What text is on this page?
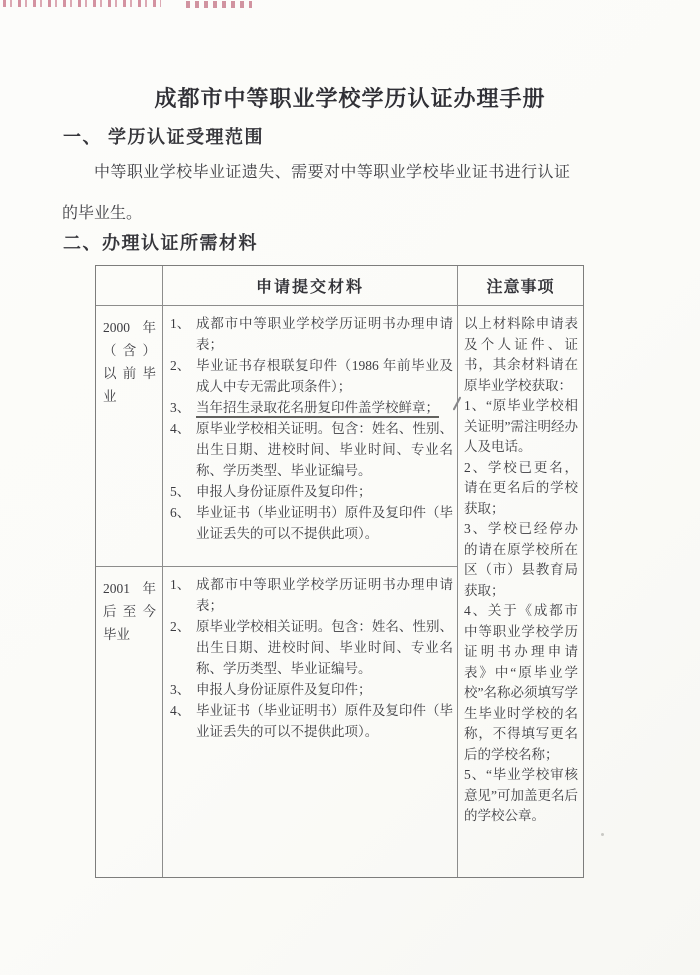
成都市中等职业学校学历认证办理手册
一、 学历认证受理范围

中等职业学校毕业证遗失、需要对中等职业学校毕业证书进行认证的毕业生。

二、办理认证所需材料
申请提交材料	注意事项
2000 年（含）以前毕业
1、 成都市中等职业学校学历证明书办理申请表；
2、 毕业证书存根联复印件（1986 年前毕业及成人中专无需此项条件）；
3、 当年招生录取花名册复印件盖学校鲜章；
4、 原毕业学校相关证明。包含：姓名、性别、出生日期、进校时间、毕业时间、专业名称、学历类型、毕业证编号。
5、 申报人身份证原件及复印件；
6、 毕业证书（毕业证明书）原件及复印件（毕业证丢失的可以不提供此项）。

以上材料除申请表及个人证件、证书，其余材料请在原毕业学校获取：

1、“原毕业学校相关证明”需注明经办人及电话。
2、学校已更名，请在更名后的学校获取；
3、学校已经停办的请在原学校所在区（市）县教育局获取；
4、关于《成都市中等职业学校学历证明书办理申请表》中“原毕业学校”名称必须填写学生毕业时学校的名称，不得填写更名后的学校名称；
5、“毕业学校审核意见”可加盖更名后的学校公章。
2001 年后至今毕业
1、 成都市中等职业学校学历证明书办理申请表；
2、 原毕业学校相关证明。包含：姓名、性别、出生日期、进校时间、毕业时间、专业名称、学历类型、毕业证编号。
3、 申报人身份证原件及复印件；
4、 毕业证书（毕业证明书）原件及复印件（毕业证丢失的可以不提供此项）。
